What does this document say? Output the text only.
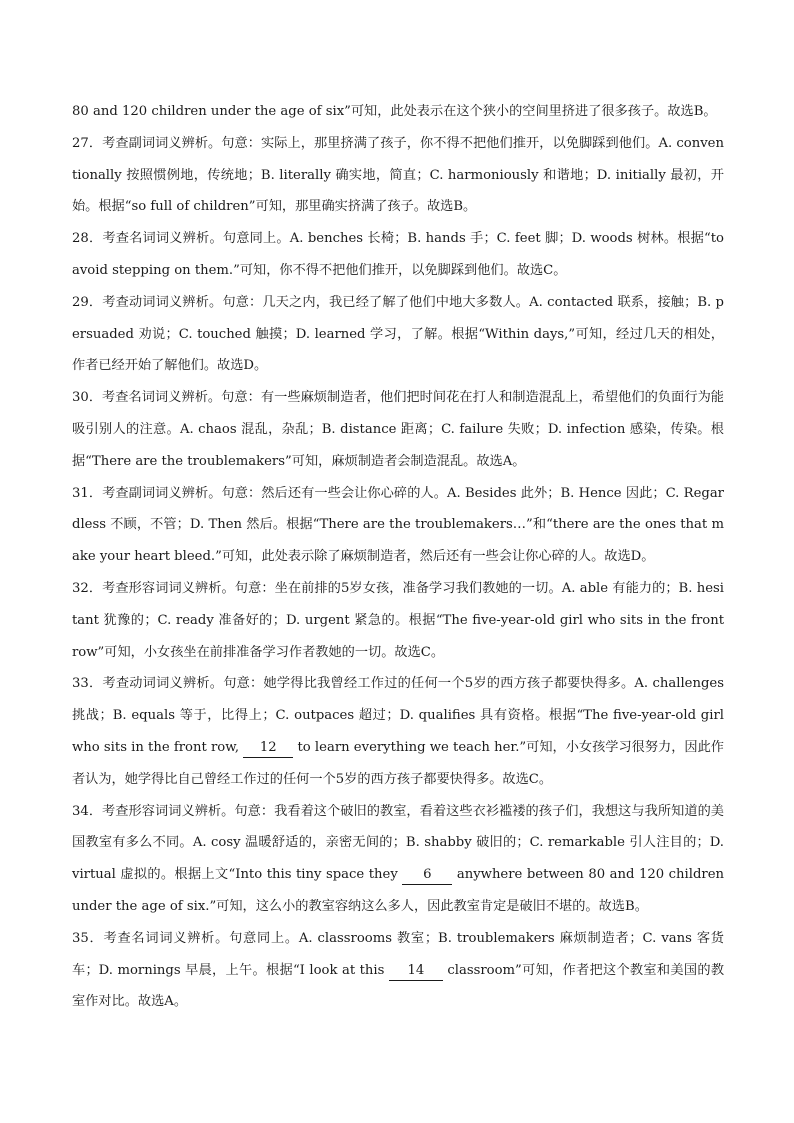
80 and 120 children under the age of six”可知，此处表示在这个狭小的空间里挤进了很多孩子。故选B。

27．考查副词词义辨析。句意：实际上，那里挤满了孩子，你不得不把他们推开，以免脚踩到他们。A. conventionally 按照惯例地，传统地；B. literally 确实地，简直；C. harmoniously 和谐地；D. initially 最初，开始。根据“so full of children”可知，那里确实挤满了孩子。故选B。

28．考查名词词义辨析。句意同上。A. benches 长椅；B. hands 手；C. feet 脚；D. woods 树林。根据“to avoid stepping on them.”可知，你不得不把他们推开，以免脚踩到他们。故选C。

29．考查动词词义辨析。句意：几天之内，我已经了解了他们中地大多数人。A. contacted 联系，接触；B. persuaded 劝说；C. touched 触摸；D. learned 学习，了解。根据“Within days,”可知，经过几天的相处，作者已经开始了解他们。故选D。

30．考查名词词义辨析。句意：有一些麻烦制造者，他们把时间花在打人和制造混乱上，希望他们的负面行为能吸引别人的注意。A. chaos 混乱，杂乱；B. distance 距离；C. failure 失败；D. infection 感染，传染。根据“There are the troublemakers”可知，麻烦制造者会制造混乱。故选A。

31．考查副词词义辨析。句意：然后还有一些会让你心碎的人。A. Besides 此外；B. Hence 因此；C. Regardless 不顾，不管；D. Then 然后。根据“There are the troublemakers…”和“there are the ones that make your heart bleed.”可知，此处表示除了麻烦制造者，然后还有一些会让你心碎的人。故选D。

32．考查形容词词义辨析。句意：坐在前排的5岁女孩，准备学习我们教她的一切。A. able 有能力的；B. hesitant 犹豫的；C. ready 准备好的；D. urgent 紧急的。根据“The five-year-old girl who sits in the front row”可知，小女孩坐在前排准备学习作者教她的一切。故选C。

33．考查动词词义辨析。句意：她学得比我曾经工作过的任何一个5岁的西方孩子都要快得多。A. challenges 挑战；B. equals 等于，比得上；C. outpaces 超过；D. qualifies 具有资格。根据“The five-year-old girl who sits in the front row, 12 to learn everything we teach her.”可知，小女孩学习很努力，因此作者认为，她学得比自己曾经工作过的任何一个5岁的西方孩子都要快得多。故选C。

34．考查形容词词义辨析。句意：我看着这个破旧的教室，看着这些衣衫褴褛的孩子们，我想这与我所知道的美国教室有多么不同。A. cosy 温暖舒适的，亲密无间的；B. shabby 破旧的；C. remarkable 引人注目的；D. virtual 虚拟的。根据上文“Into this tiny space they 6 anywhere between 80 and 120 children under the age of six.”可知，这么小的教室容纳这么多人，因此教室肯定是破旧不堪的。故选B。

35．考查名词词义辨析。句意同上。A. classrooms 教室；B. troublemakers 麻烦制造者；C. vans 客货车；D. mornings 早晨，上午。根据“I look at this 14 classroom”可知，作者把这个教室和美国的教室作对比。故选A。
